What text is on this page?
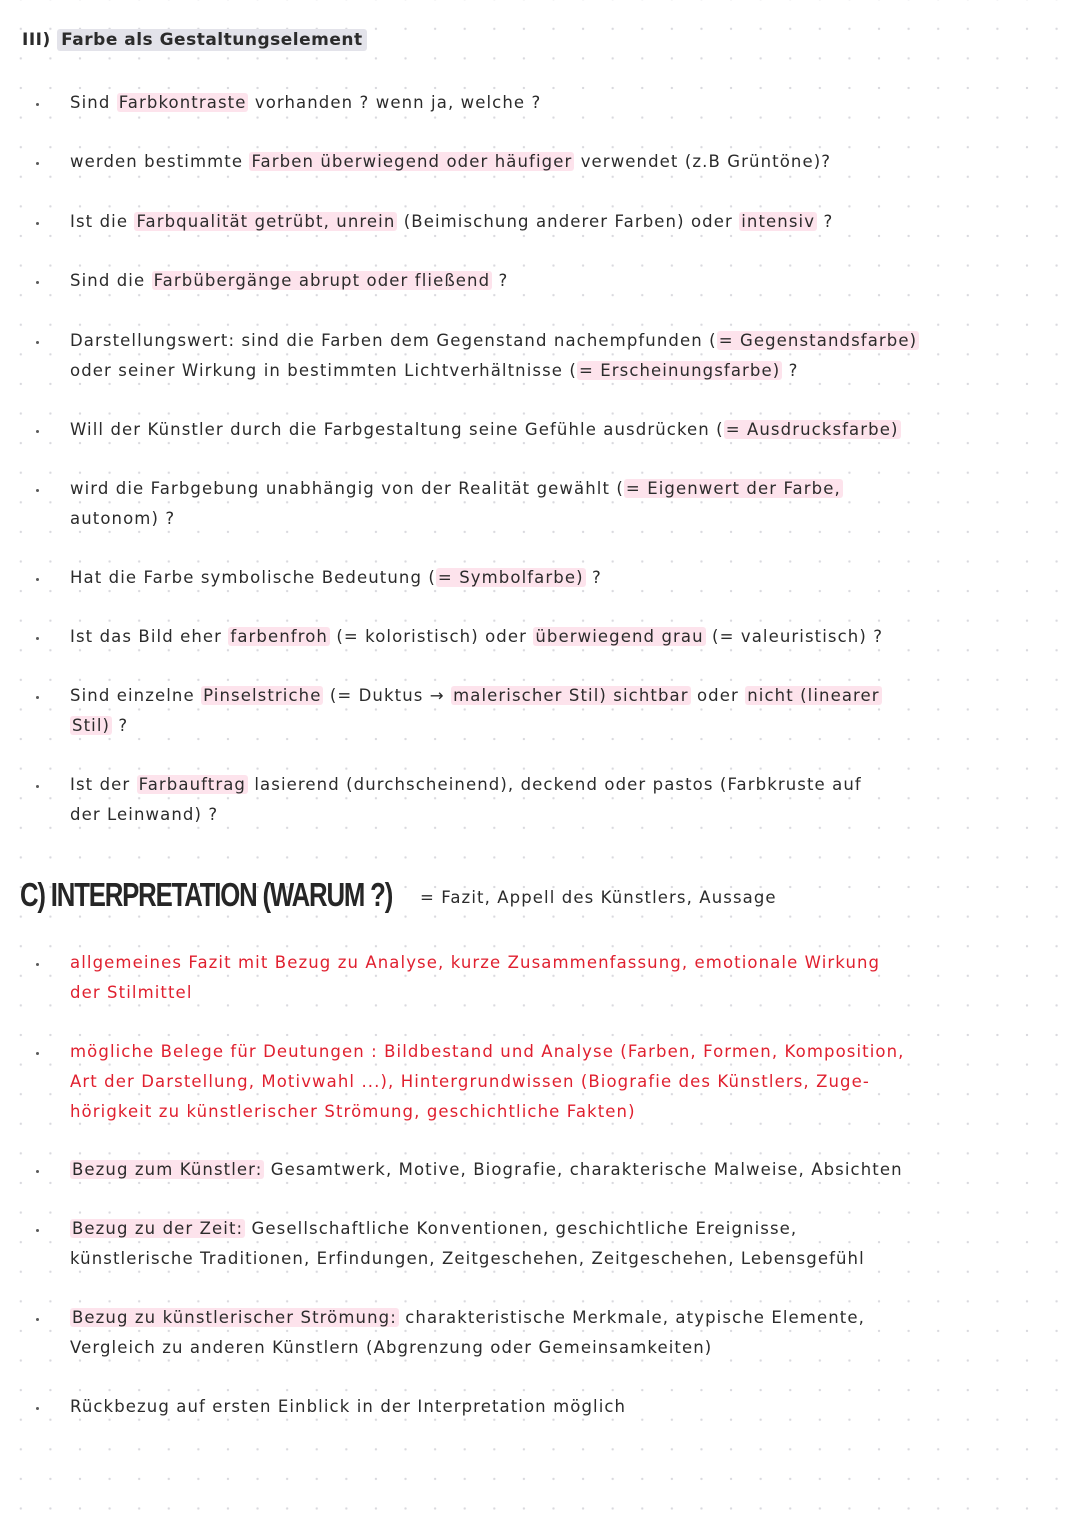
III) Farbe als Gestaltungselement
Sind Farbkontraste vorhanden ? wenn ja, welche ?
werden bestimmte Farben überwiegend oder häufiger verwendet (z.B Grüntöne)?
Ist die Farbqualität getrübt, unrein (Beimischung anderer Farben) oder intensiv ?
Sind die Farbübergänge abrupt oder fließend ?
Darstellungswert: sind die Farben dem Gegenstand nachempfunden ( = Gegenstandsfarbe)
oder seiner Wirkung in bestimmten Lichtverhältnisse ( = Erscheinungsfarbe) ?
Will der Künstler durch die Farbgestaltung seine Gefühle ausdrücken ( = Ausdrucksfarbe)
wird die Farbgebung unabhängig von der Realität gewählt ( = Eigenwert der Farbe,
autonom) ?
Hat die Farbe symbolische Bedeutung ( = Symbolfarbe) ?
Ist das Bild eher farbenfroh (= koloristisch) oder überwiegend grau (= valeuristisch) ?
Sind einzelne Pinselstriche (= Duktus → malerischer Stil) sichtbar oder nicht (linearer
Stil) ?
Ist der Farbauftrag lasierend (durchscheinend), deckend oder pastos (Farbkruste auf
der Leinwand) ?
C) INTERPRETATION (WARUM ?) = Fazit, Appell des Künstlers, Aussage
allgemeines Fazit mit Bezug zu Analyse, kurze Zusammenfassung, emotionale Wirkung
der Stilmittel
mögliche Belege für Deutungen : Bildbestand und Analyse (Farben, Formen, Komposition,
Art der Darstellung, Motivwahl ...), Hintergrundwissen (Biografie des Künstlers, Zuge-
hörigkeit zu künstlerischer Strömung, geschichtliche Fakten)
Bezug zum Künstler: Gesamtwerk, Motive, Biografie, charakterische Malweise, Absichten
Bezug zu der Zeit: Gesellschaftliche Konventionen, geschichtliche Ereignisse,
künstlerische Traditionen, Erfindungen, Zeitgeschehen, Zeitgeschehen, Lebensgefühl
Bezug zu künstlerischer Strömung: charakteristische Merkmale, atypische Elemente,
Vergleich zu anderen Künstlern (Abgrenzung oder Gemeinsamkeiten)
Rückbezug auf ersten Einblick in der Interpretation möglich
